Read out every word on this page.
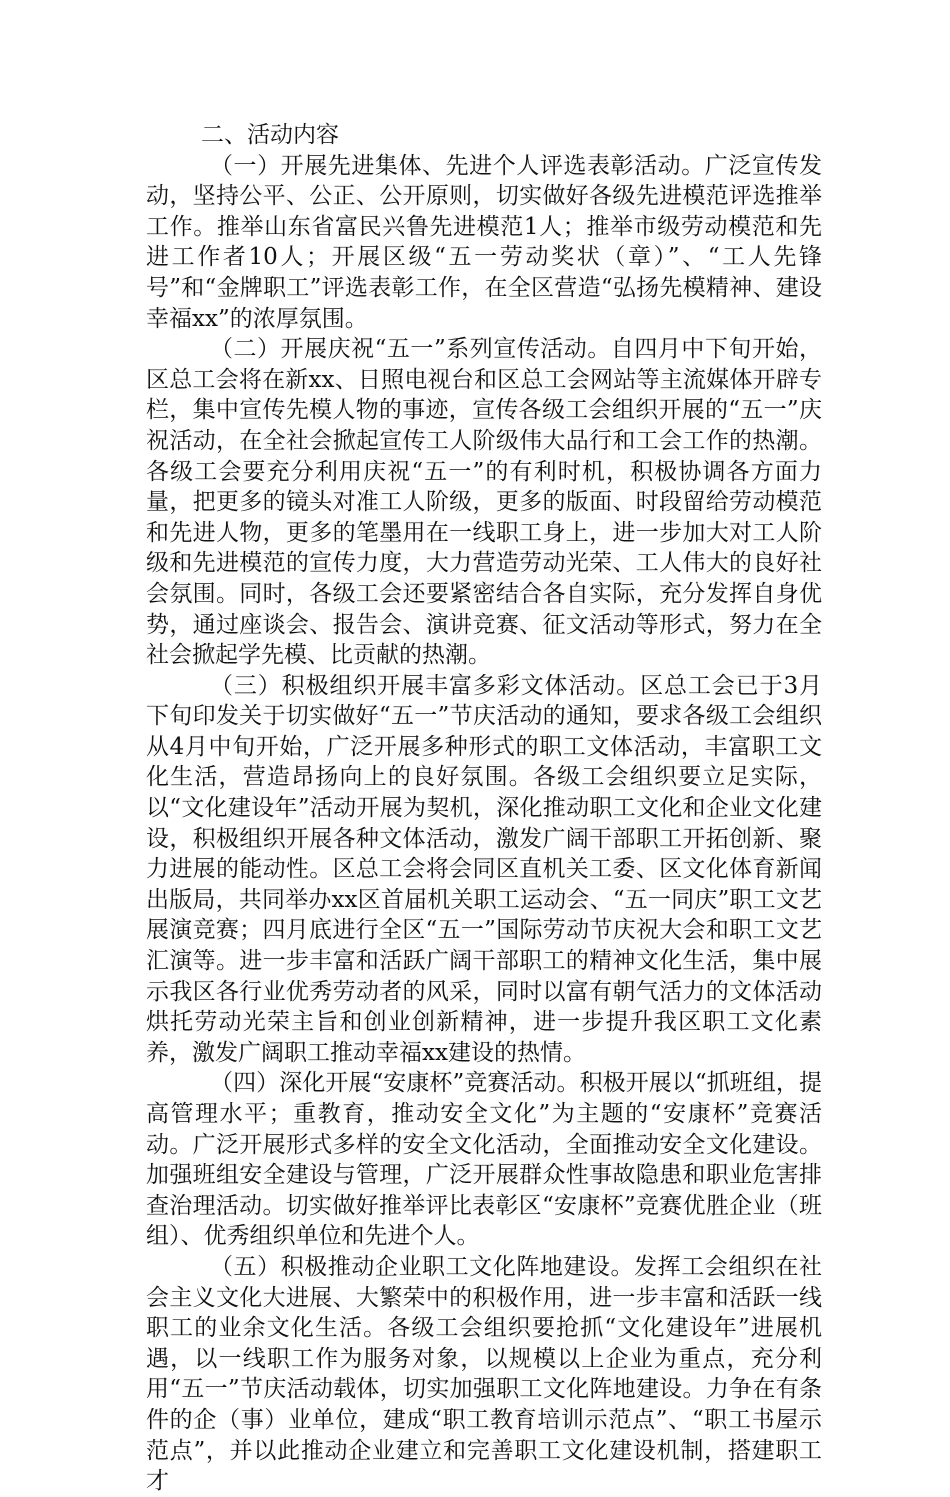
二、活动内容

（一）开展先进集体、先进个人评选表彰活动。广泛宣传发动，坚持公平、公正、公开原则，切实做好各级先进模范评选推举工作。推举山东省富民兴鲁先进模范1人；推举市级劳动模范和先进工作者10人；开展区级“五一劳动奖状（章）”、“工人先锋号”和“金牌职工”评选表彰工作，在全区营造“弘扬先模精神、建设幸福xx”的浓厚氛围。

（二）开展庆祝“五一”系列宣传活动。自四月中下旬开始，区总工会将在新xx、日照电视台和区总工会网站等主流媒体开辟专栏，集中宣传先模人物的事迹，宣传各级工会组织开展的“五一”庆祝活动，在全社会掀起宣传工人阶级伟大品行和工会工作的热潮。各级工会要充分利用庆祝“五一”的有利时机，积极协调各方面力量，把更多的镜头对准工人阶级，更多的版面、时段留给劳动模范和先进人物，更多的笔墨用在一线职工身上，进一步加大对工人阶级和先进模范的宣传力度，大力营造劳动光荣、工人伟大的良好社会氛围。同时，各级工会还要紧密结合各自实际，充分发挥自身优势，通过座谈会、报告会、演讲竞赛、征文活动等形式，努力在全社会掀起学先模、比贡献的热潮。

（三）积极组织开展丰富多彩文体活动。区总工会已于3月下旬印发关于切实做好“五一”节庆活动的通知，要求各级工会组织从4月中旬开始，广泛开展多种形式的职工文体活动，丰富职工文化生活，营造昂扬向上的良好氛围。各级工会组织要立足实际，以“文化建设年”活动开展为契机，深化推动职工文化和企业文化建设，积极组织开展各种文体活动，激发广阔干部职工开拓创新、聚力进展的能动性。区总工会将会同区直机关工委、区文化体育新闻出版局，共同举办xx区首届机关职工运动会、“五一同庆”职工文艺展演竞赛；四月底进行全区“五一”国际劳动节庆祝大会和职工文艺汇演等。进一步丰富和活跃广阔干部职工的精神文化生活，集中展示我区各行业优秀劳动者的风采，同时以富有朝气活力的文体活动烘托劳动光荣主旨和创业创新精神，进一步提升我区职工文化素养，激发广阔职工推动幸福xx建设的热情。

（四）深化开展“安康杯”竞赛活动。积极开展以“抓班组，提高管理水平；重教育，推动安全文化”为主题的“安康杯”竞赛活动。广泛开展形式多样的安全文化活动，全面推动安全文化建设。加强班组安全建设与管理，广泛开展群众性事故隐患和职业危害排查治理活动。切实做好推举评比表彰区“安康杯”竞赛优胜企业（班组）、优秀组织单位和先进个人。

（五）积极推动企业职工文化阵地建设。发挥工会组织在社会主义文化大进展、大繁荣中的积极作用，进一步丰富和活跃一线职工的业余文化生活。各级工会组织要抢抓“文化建设年”进展机遇，以一线职工作为服务对象，以规模以上企业为重点，充分利用“五一”节庆活动载体，切实加强职工文化阵地建设。力争在有条件的企（事）业单位，建成“职工教育培训示范点”、“职工书屋示范点”，并以此推动企业建立和完善职工文化建设机制，搭建职工才
